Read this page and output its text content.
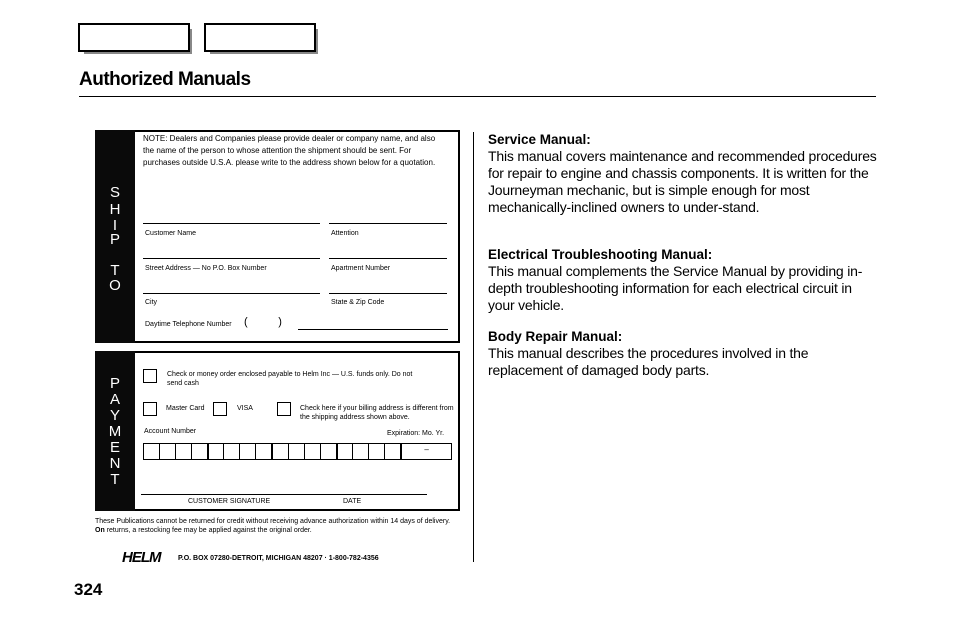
Authorized Manuals
S
H
I
P
T
O
NOTE: Dealers and Companies please provide dealer or company name, and also the name of the person to whose attention the shipment should be sent. For purchases outside U.S.A. please write to the address shown below for a quotation.
Customer Name	Attention
Street Address — No P.O. Box Number	Apartment Number
City	State & Zip Code
Daytime Telephone Number (          )
P
A
Y
M
E
N
T
Check or money order enclosed payable to Helm Inc — U.S. funds only. Do not send cash
Master Card	VISA	Check here if your billing address is different from the shipping address shown above.
Account Number	Expiration: Mo. Yr.
–
CUSTOMER SIGNATURE	DATE
These Publications cannot be returned for credit without receiving advance authorization within 14 days of delivery. On returns, a restocking fee may be applied against the original order.
HELM	P.O. BOX 07280-DETROIT, MICHIGAN 48207 · 1-800-782-4356

Service Manual:

This manual covers maintenance and recommended procedures for repair to engine and chassis components. It is written for the Journeyman mechanic, but is simple enough for most mechanically-inclined owners to under-stand.

Electrical Troubleshooting Manual:

This manual complements the Service Manual by providing in-depth troubleshooting information for each electrical circuit in your vehicle.

Body Repair Manual:

This manual describes the procedures involved in the replacement of damaged body parts.

324
